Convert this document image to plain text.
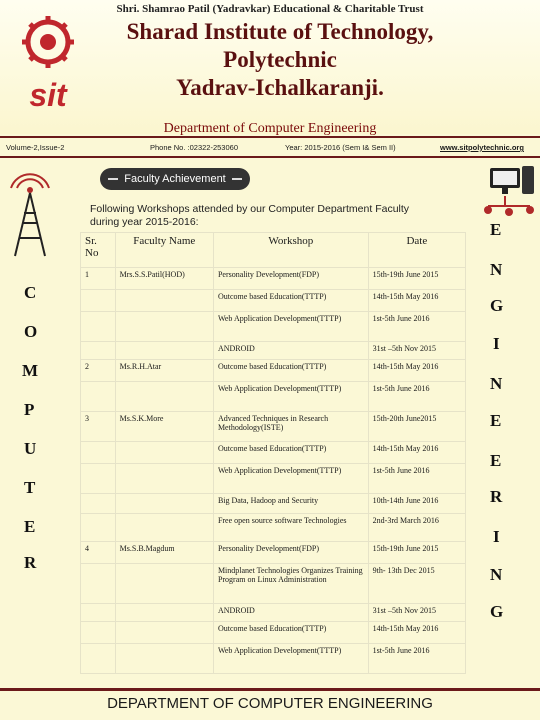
Shri. Shamrao Patil (Yadravkar) Educational & Charitable Trust
sit
Sharad Institute of Technology,
Polytechnic
Yadrav-Ichalkaranji.
Department of Computer Engineering
Volume-2,Issue-2	Phone No. :02322-253060	Year: 2015-2016 (Sem I& Sem II)	www.sitpolytechnic.org
C
O
M
P
U
T
E
R
E
N
G
I
N
E
E
R
I
N
G
Faculty Achievement
Following Workshops attended by our Computer Department Faculty during year 2015-2016:
Sr. No	Faculty Name	Workshop	Date
1	Mrs.S.S.Patil(HOD)	Personality Development(FDP)	15th-19th June 2015
		Outcome based Education(TTTP)	14th-15th May 2016
		Web Application Development(TTTP)	1st-5th June 2016
		ANDROID	31st –5th Nov 2015
2	Ms.R.H.Atar	Outcome based Education(TTTP)	14th-15th May 2016
		Web Application Development(TTTP)	1st-5th June 2016
3	Ms.S.K.More	Advanced Techniques in Research Methodology(ISTE)	15th-20th June2015
		Outcome based Education(TTTP)	14th-15th May 2016
		Web Application Development(TTTP)	1st-5th June 2016
		Big Data, Hadoop and Security	10th-14th June 2016
		Free open source software Technologies	2nd-3rd March 2016
4	Ms.S.B.Magdum	Personality Development(FDP)	15th-19th June 2015
		Mindplanet Technologies Organizes Training Program on Linux Administration	9th- 13th Dec 2015
		ANDROID	31st –5th Nov 2015
		Outcome based Education(TTTP)	14th-15th May 2016
		Web Application Development(TTTP)	1st-5th June 2016
DEPARTMENT OF COMPUTER ENGINEERING
